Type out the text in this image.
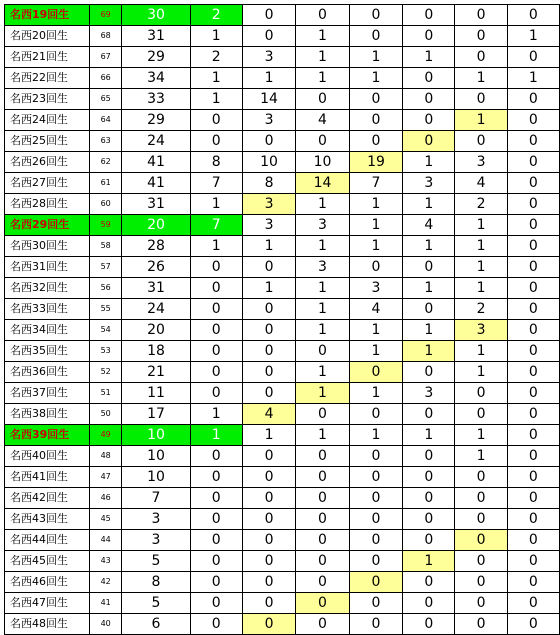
名西19回生	69	30	2	0	0	0	0	0	0
名西20回生	68	31	1	0	1	0	0	0	1
名西21回生	67	29	2	3	1	1	1	0	0
名西22回生	66	34	1	1	1	1	0	1	1
名西23回生	65	33	1	14	0	0	0	0	0
名西24回生	64	29	0	3	4	0	0	1	0
名西25回生	63	24	0	0	0	0	0	0	0
名西26回生	62	41	8	10	10	19	1	3	0
名西27回生	61	41	7	8	14	7	3	4	0
名西28回生	60	31	1	3	1	1	1	2	0
名西29回生	59	20	7	3	3	1	4	1	0
名西30回生	58	28	1	1	1	1	1	1	0
名西31回生	57	26	0	0	3	0	0	1	0
名西32回生	56	31	0	1	1	3	1	1	0
名西33回生	55	24	0	0	1	4	0	2	0
名西34回生	54	20	0	0	1	1	1	3	0
名西35回生	53	18	0	0	0	1	1	1	0
名西36回生	52	21	0	0	1	0	0	1	0
名西37回生	51	11	0	0	1	1	3	0	0
名西38回生	50	17	1	4	0	0	0	0	0
名西39回生	49	10	1	1	1	1	1	1	0
名西40回生	48	10	0	0	0	0	0	1	0
名西41回生	47	10	0	0	0	0	0	0	0
名西42回生	46	7	0	0	0	0	0	0	0
名西43回生	45	3	0	0	0	0	0	0	0
名西44回生	44	3	0	0	0	0	0	0	0
名西45回生	43	5	0	0	0	0	1	0	0
名西46回生	42	8	0	0	0	0	0	0	0
名西47回生	41	5	0	0	0	0	0	0	0
名西48回生	40	6	0	0	0	0	0	0	0
